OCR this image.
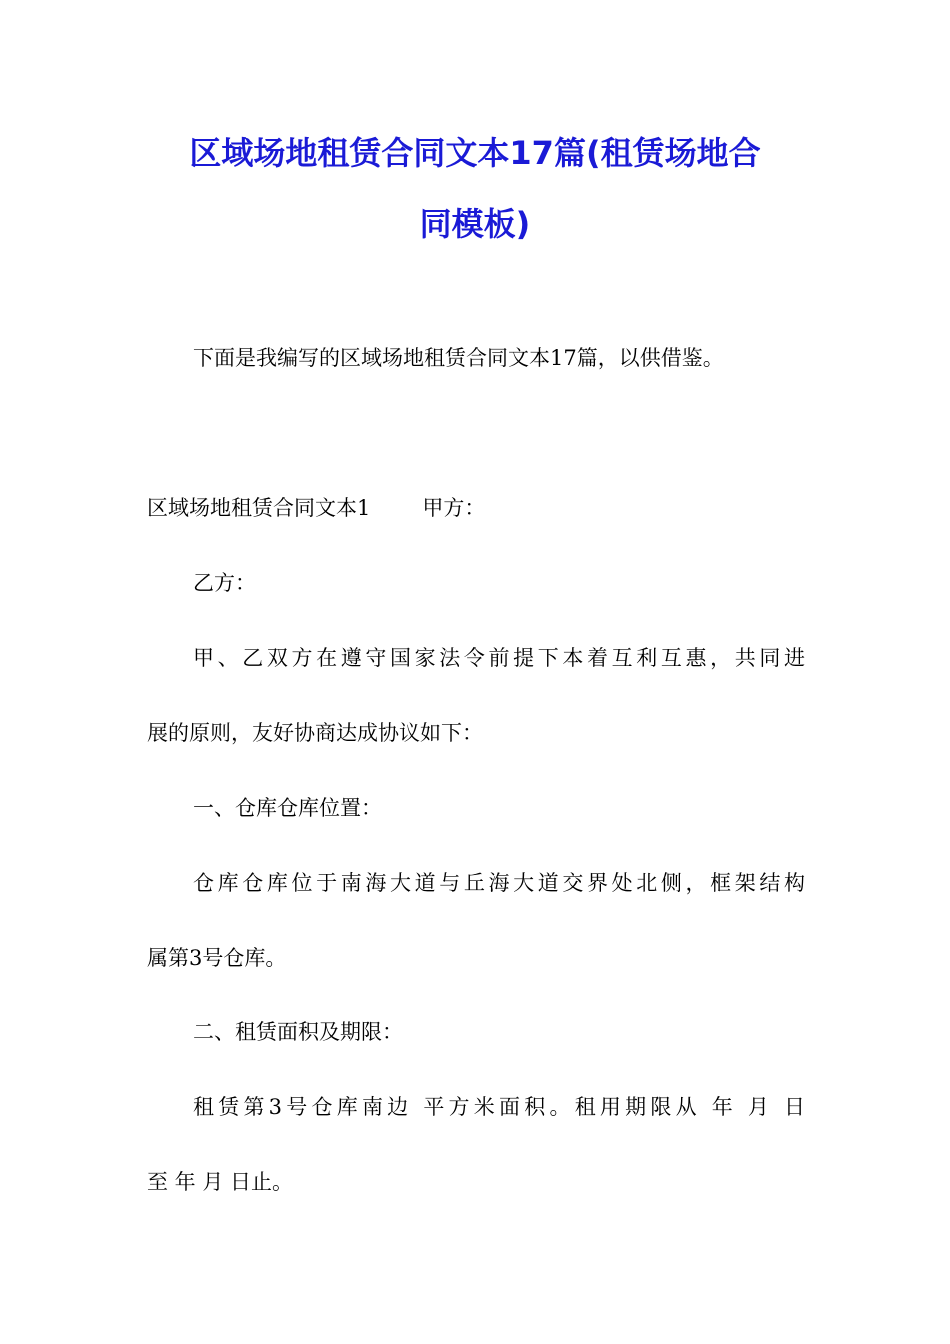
区域场地租赁合同文本17篇(租赁场地合
同模板)
下面是我编写的区域场地租赁合同文本17篇，以供借鉴。
区域场地租赁合同文本1 甲方：
乙方：
甲、乙双方在遵守国家法令前提下本着互利互惠，共同进
展的原则，友好协商达成协议如下：
一、仓库仓库位置：
仓库仓库位于南海大道与丘海大道交界处北侧，框架结构
属第3号仓库。
二、租赁面积及期限：
租赁第3号仓库南边 平方米面积。租用期限从 年 月 日
至 年 月 日止。
